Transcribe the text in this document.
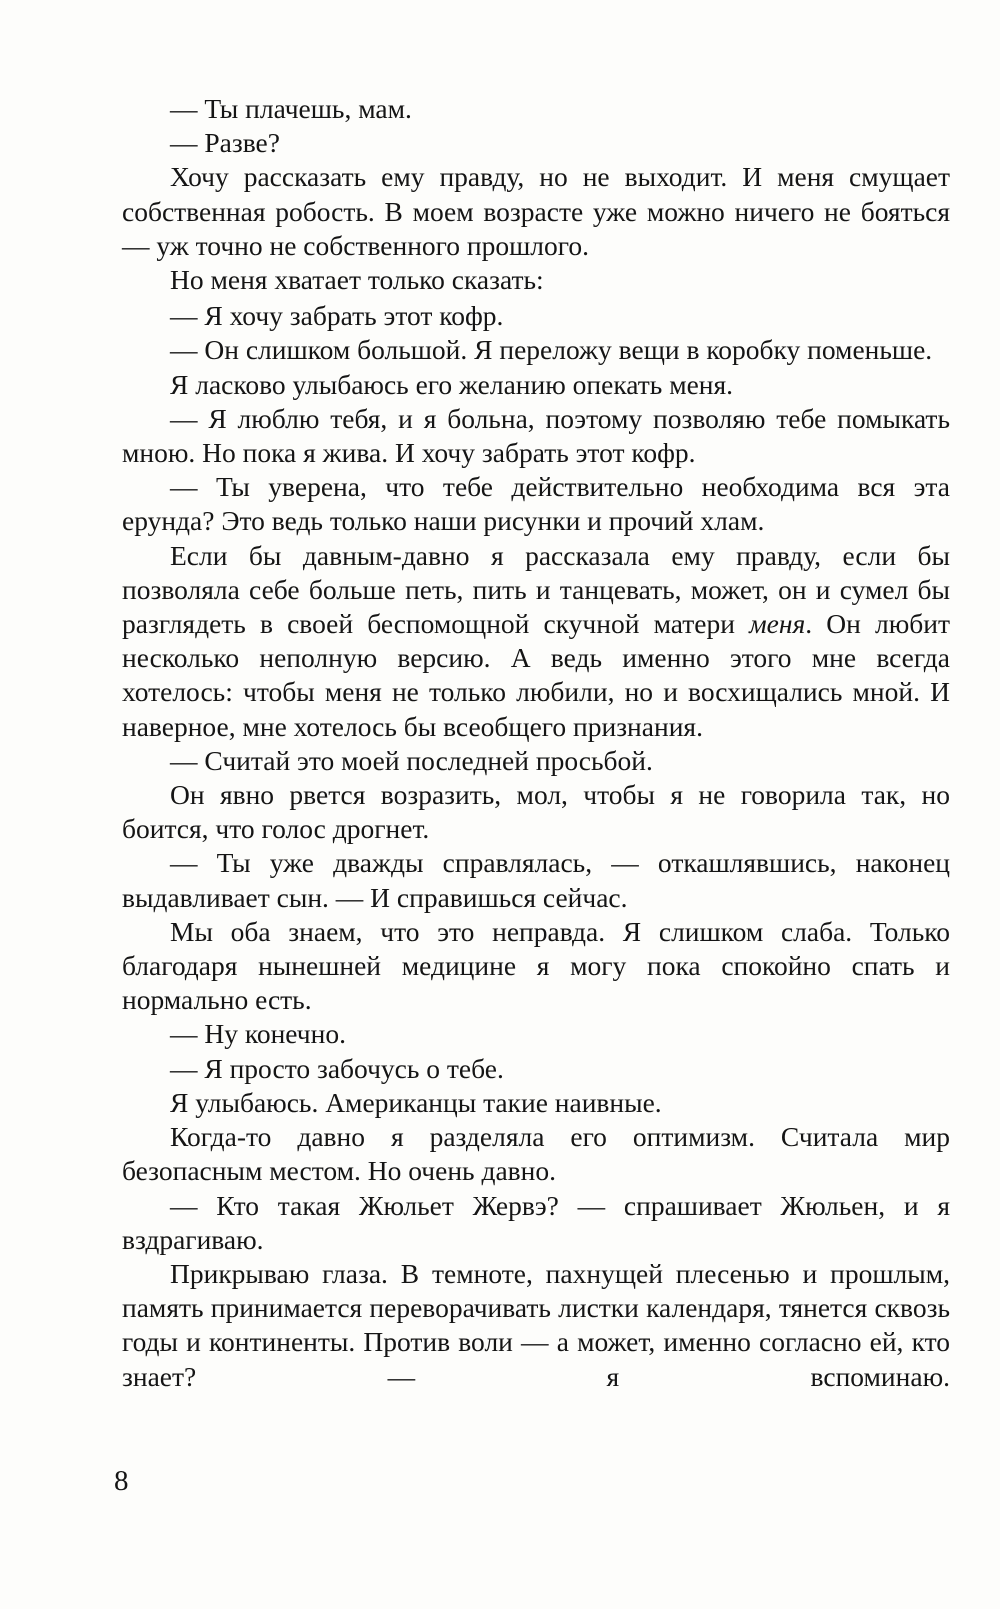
— Ты плачешь, мам.

— Разве?

Хочу рассказать ему правду, но не выходит. И меня смущает собственная робость. В моем возрасте уже можно ничего не бояться — уж точно не собственного прошлого.

Но меня хватает только сказать:

— Я хочу забрать этот кофр.

— Он слишком большой. Я переложу вещи в коробку поменьше.

Я ласково улыбаюсь его желанию опекать меня.

— Я люблю тебя, и я больна, поэтому позволяю тебе помыкать мною. Но пока я жива. И хочу забрать этот кофр.

— Ты уверена, что тебе действительно необходима вся эта ерунда? Это ведь только наши рисунки и прочий хлам.

Если бы давным-давно я рассказала ему правду, если бы позволяла себе больше петь, пить и танцевать, может, он и сумел бы разглядеть в своей беспомощной скучной матери меня. Он любит несколько неполную версию. А ведь именно этого мне всегда хотелось: чтобы меня не только любили, но и восхищались мной. И наверное, мне хотелось бы всеобщего признания.

— Считай это моей последней просьбой.

Он явно рвется возразить, мол, чтобы я не говорила так, но боится, что голос дрогнет.

— Ты уже дважды справлялась, — откашлявшись, наконец выдавливает сын. — И справишься сейчас.

Мы оба знаем, что это неправда. Я слишком слаба. Только благодаря нынешней медицине я могу пока спокойно спать и нормально есть.

— Ну конечно.

— Я просто забочусь о тебе.

Я улыбаюсь. Американцы такие наивные.

Когда-то давно я разделяла его оптимизм. Считала мир безопасным местом. Но очень давно.

— Кто такая Жюльет Жервэ? — спрашивает Жюльен, и я вздрагиваю.

Прикрываю глаза. В темноте, пахнущей плесенью и прошлым, память принимается переворачивать листки календаря, тянется сквозь годы и континенты. Против воли — а может, именно согласно ей, кто знает? — я вспоминаю.

8
